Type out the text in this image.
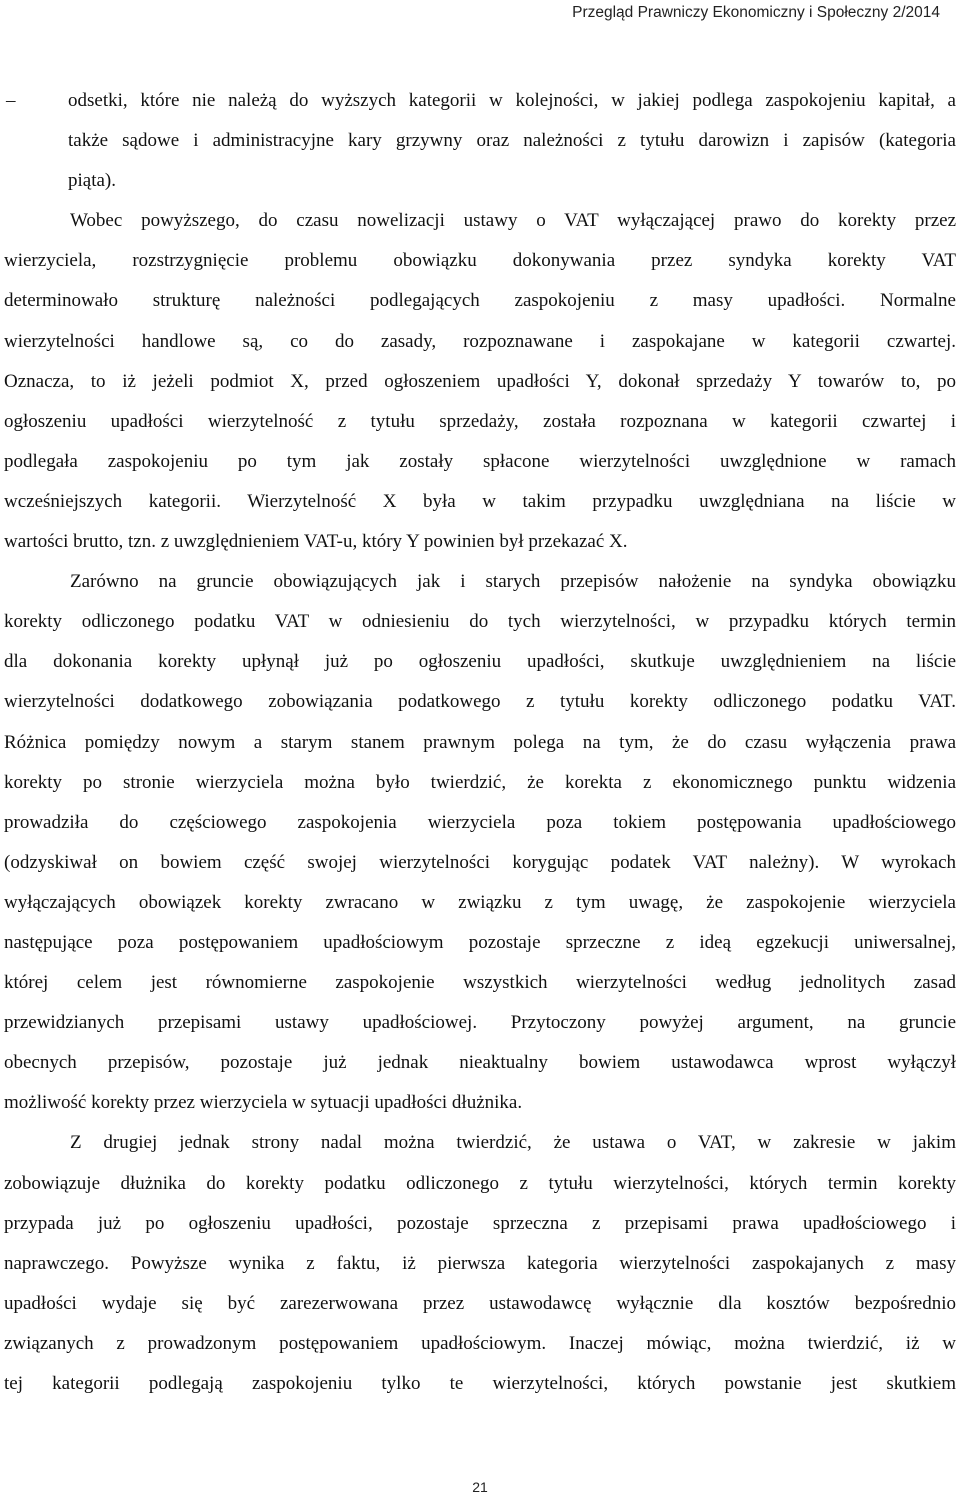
Przegląd Prawniczy Ekonomiczny i Społeczny 2/2014
–	odsetki, które nie należą do wyższych kategorii w kolejności, w jakiej podlega zaspokojeniu kapitał, a
także sądowe i administracyjne kary grzywny oraz należności z tytułu darowizn i zapisów (kategoria
piąta).
Wobec powyższego, do czasu nowelizacji ustawy o VAT wyłączającej prawo do korekty przez
wierzyciela, rozstrzygnięcie problemu obowiązku dokonywania przez syndyka korekty VAT
determinowało strukturę należności podlegających zaspokojeniu z masy upadłości. Normalne
wierzytelności handlowe są, co do zasady, rozpoznawane i zaspokajane w kategorii czwartej.
Oznacza, to iż jeżeli podmiot X, przed ogłoszeniem upadłości Y, dokonał sprzedaży Y towarów to, po
ogłoszeniu upadłości wierzytelność z tytułu sprzedaży, została rozpoznana w kategorii czwartej i
podlegała zaspokojeniu po tym jak zostały spłacone wierzytelności uwzględnione w ramach
wcześniejszych kategorii. Wierzytelność X była w takim przypadku uwzględniana na liście w
wartości brutto, tzn. z uwzględnieniem VAT-u, który Y powinien był przekazać X.
Zarówno na gruncie obowiązujących jak i starych przepisów nałożenie na syndyka obowiązku
korekty odliczonego podatku VAT w odniesieniu do tych wierzytelności, w przypadku których termin
dla dokonania korekty upłynął już po ogłoszeniu upadłości, skutkuje uwzględnieniem na liście
wierzytelności dodatkowego zobowiązania podatkowego z tytułu korekty odliczonego podatku VAT.
Różnica pomiędzy nowym a starym stanem prawnym polega na tym, że do czasu wyłączenia prawa
korekty po stronie wierzyciela można było twierdzić, że korekta z ekonomicznego punktu widzenia
prowadziła do częściowego zaspokojenia wierzyciela poza tokiem postępowania upadłościowego
(odzyskiwał on bowiem część swojej wierzytelności korygując podatek VAT należny). W wyrokach
wyłączających obowiązek korekty zwracano w związku z tym uwagę, że zaspokojenie wierzyciela
następujące poza postępowaniem upadłościowym pozostaje sprzeczne z ideą egzekucji uniwersalnej,
której celem jest równomierne zaspokojenie wszystkich wierzytelności według jednolitych zasad
przewidzianych przepisami ustawy upadłościowej. Przytoczony powyżej argument, na gruncie
obecnych przepisów, pozostaje już jednak nieaktualny bowiem ustawodawca wprost wyłączył
możliwość korekty przez wierzyciela w sytuacji upadłości dłużnika.
Z drugiej jednak strony nadal można twierdzić, że ustawa o VAT, w zakresie w jakim
zobowiązuje dłużnika do korekty podatku odliczonego z tytułu wierzytelności, których termin korekty
przypada już po ogłoszeniu upadłości, pozostaje sprzeczna z przepisami prawa upadłościowego i
naprawczego. Powyższe wynika z faktu, iż pierwsza kategoria wierzytelności zaspokajanych z masy
upadłości wydaje się być zarezerwowana przez ustawodawcę wyłącznie dla kosztów bezpośrednio
związanych z prowadzonym postępowaniem upadłościowym. Inaczej mówiąc, można twierdzić, iż w
tej kategorii podlegają zaspokojeniu tylko te wierzytelności, których powstanie jest skutkiem
21
